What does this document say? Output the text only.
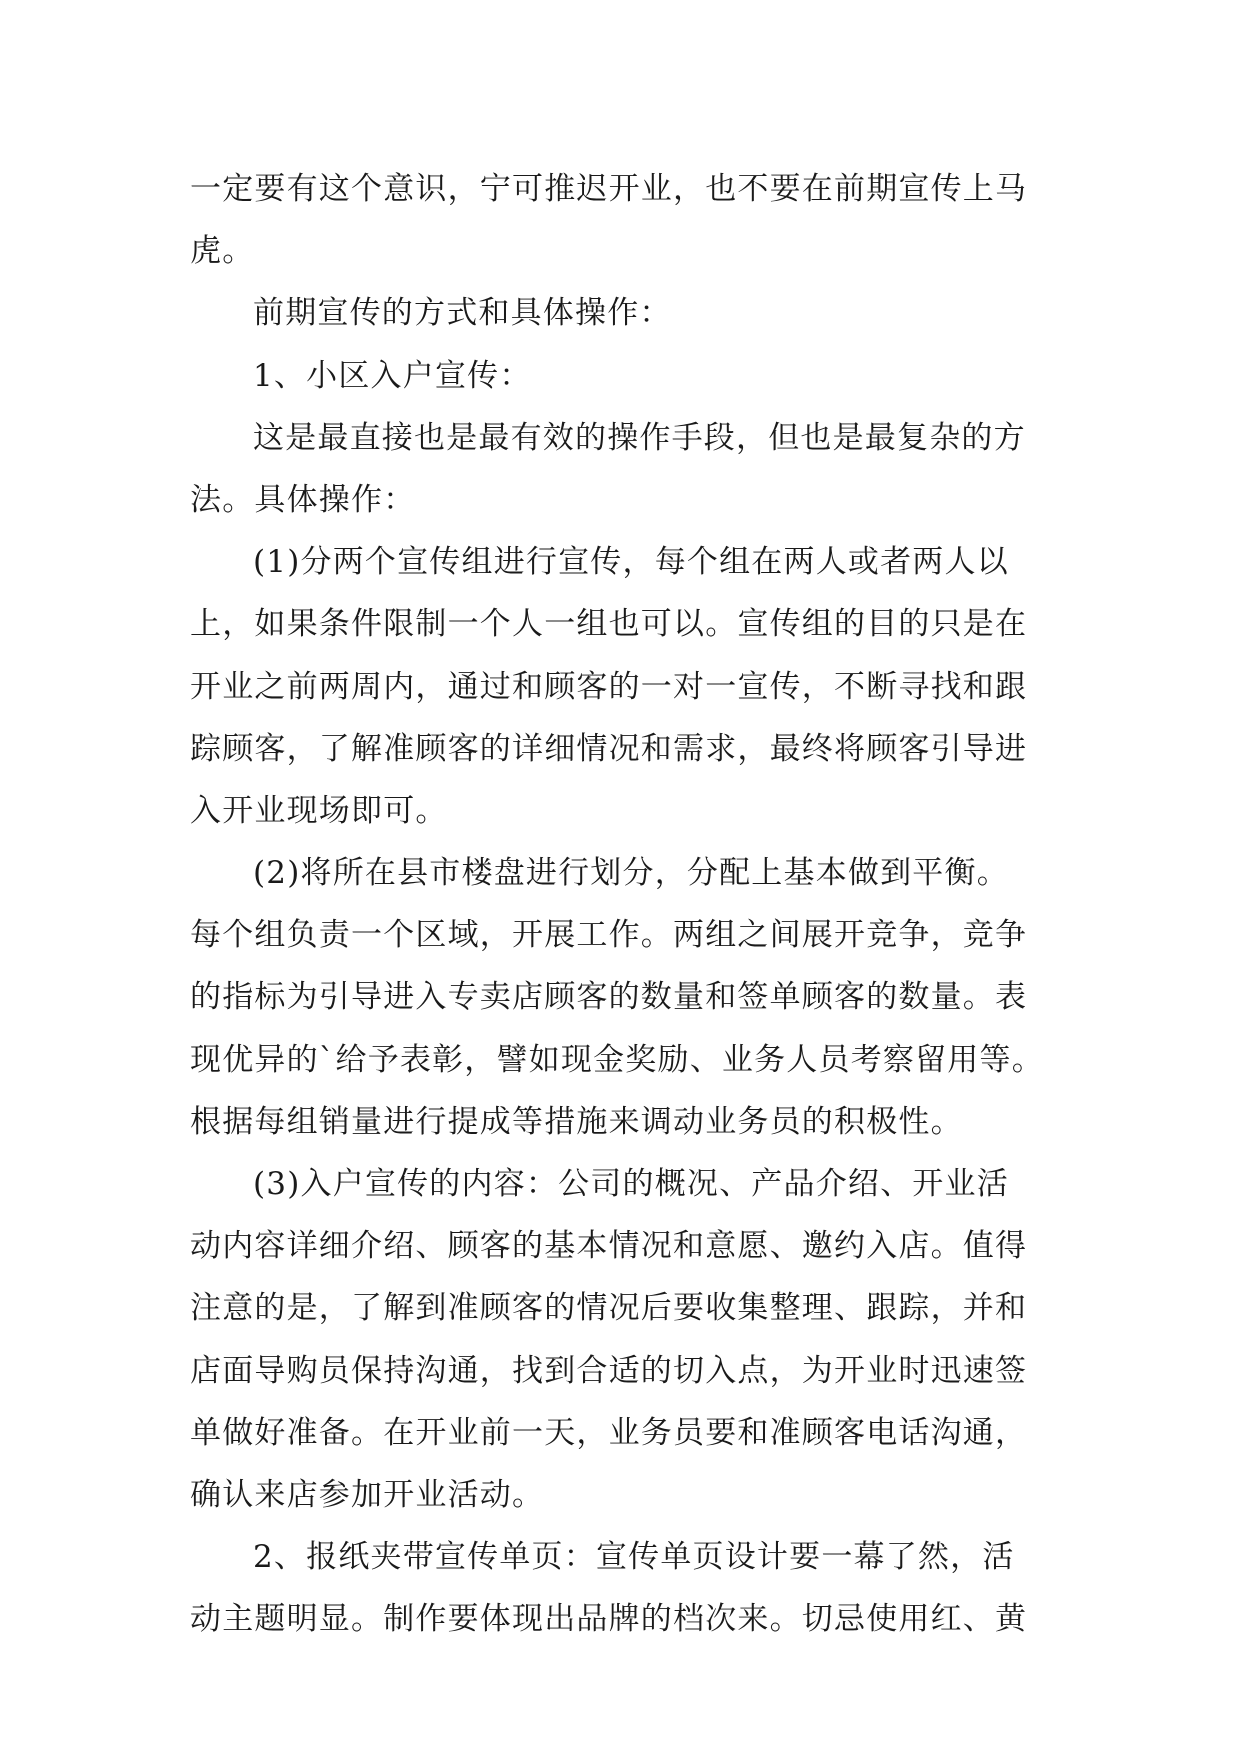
一定要有这个意识，宁可推迟开业，也不要在前期宣传上马
虎。
前期宣传的方式和具体操作：
1、小区入户宣传：
这是最直接也是最有效的操作手段，但也是最复杂的方
法。具体操作：
(1)分两个宣传组进行宣传，每个组在两人或者两人以
上，如果条件限制一个人一组也可以。宣传组的目的只是在
开业之前两周内，通过和顾客的一对一宣传，不断寻找和跟
踪顾客，了解准顾客的详细情况和需求，最终将顾客引导进
入开业现场即可。
(2)将所在县市楼盘进行划分，分配上基本做到平衡。
每个组负责一个区域，开展工作。两组之间展开竞争，竞争
的指标为引导进入专卖店顾客的数量和签单顾客的数量。表
现优异的`给予表彰，譬如现金奖励、业务人员考察留用等。
根据每组销量进行提成等措施来调动业务员的积极性。
(3)入户宣传的内容：公司的概况、产品介绍、开业活
动内容详细介绍、顾客的基本情况和意愿、邀约入店。值得
注意的是，了解到准顾客的情况后要收集整理、跟踪，并和
店面导购员保持沟通，找到合适的切入点，为开业时迅速签
单做好准备。在开业前一天，业务员要和准顾客电话沟通，
确认来店参加开业活动。
2、报纸夹带宣传单页：宣传单页设计要一幕了然，活
动主题明显。制作要体现出品牌的档次来。切忌使用红、黄
